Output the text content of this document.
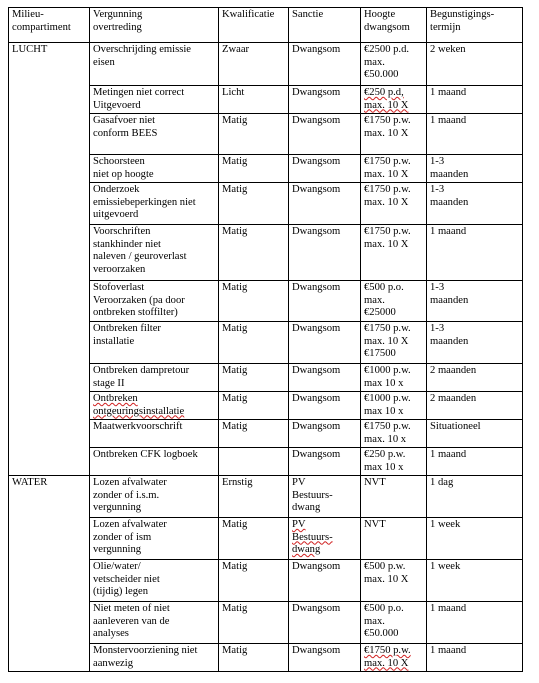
Milieu-
compartiment	Vergunning
overtreding	Kwalificatie	Sanctie	Hoogte
dwangsom	Begunstigings-
termijn
LUCHT	Overschrijding emissie
eisen	Zwaar	Dwangsom	€2500 p.d.
max.
€50.000	2 weken
	Metingen niet correct
Uitgevoerd	Licht	Dwangsom	€250 p.d,
max. 10 X	1 maand
	Gasafvoer niet
conform BEES	Matig	Dwangsom	€1750 p.w.
max. 10 X	1 maand
	Schoorsteen
niet op hoogte	Matig	Dwangsom	€1750 p.w.
max. 10 X	1-3
maanden
	Onderzoek
emissiebeperkingen niet
uitgevoerd	Matig	Dwangsom	€1750 p.w.
max. 10 X	1-3
maanden
	Voorschriften
stankhinder niet
naleven / geuroverlast
veroorzaken	Matig	Dwangsom	€1750 p.w.
max. 10 X	1 maand
	Stofoverlast
Veroorzaken (pa door
ontbreken stoffilter)	Matig	Dwangsom	€500 p.o.
max.
€25000	1-3
maanden
	Ontbreken filter
installatie	Matig	Dwangsom	€1750 p.w.
max. 10 X
€17500	1-3
maanden
	Ontbreken dampretour
stage II	Matig	Dwangsom	€1000 p.w.
max 10 x	2 maanden
	Ontbreken
ontgeuringsinstallatie	Matig	Dwangsom	€1000 p.w.
max 10 x	2 maanden
	Maatwerkvoorschrift	Matig	Dwangsom	€1750 p.w.
max. 10 x	Situationeel
	Ontbreken CFK logboek		Dwangsom	€250 p.w.
max 10 x	1 maand
WATER	Lozen afvalwater
zonder of i.s.m.
vergunning	Ernstig	PV
Bestuurs-
dwang	NVT	1 dag
	Lozen afvalwater
zonder of ism
vergunning	Matig	PV
Bestuurs-
dwang	NVT	1 week
	Olie/water/
vetscheider niet
(tijdig) legen	Matig	Dwangsom	€500 p.w.
max. 10 X	1 week
	Niet meten of niet
aanleveren van de
analyses	Matig	Dwangsom	€500 p.o.
max.
€50.000	1 maand
	Monstervoorziening niet
aanwezig	Matig	Dwangsom	€1750 p.w.
max. 10 X	1 maand
